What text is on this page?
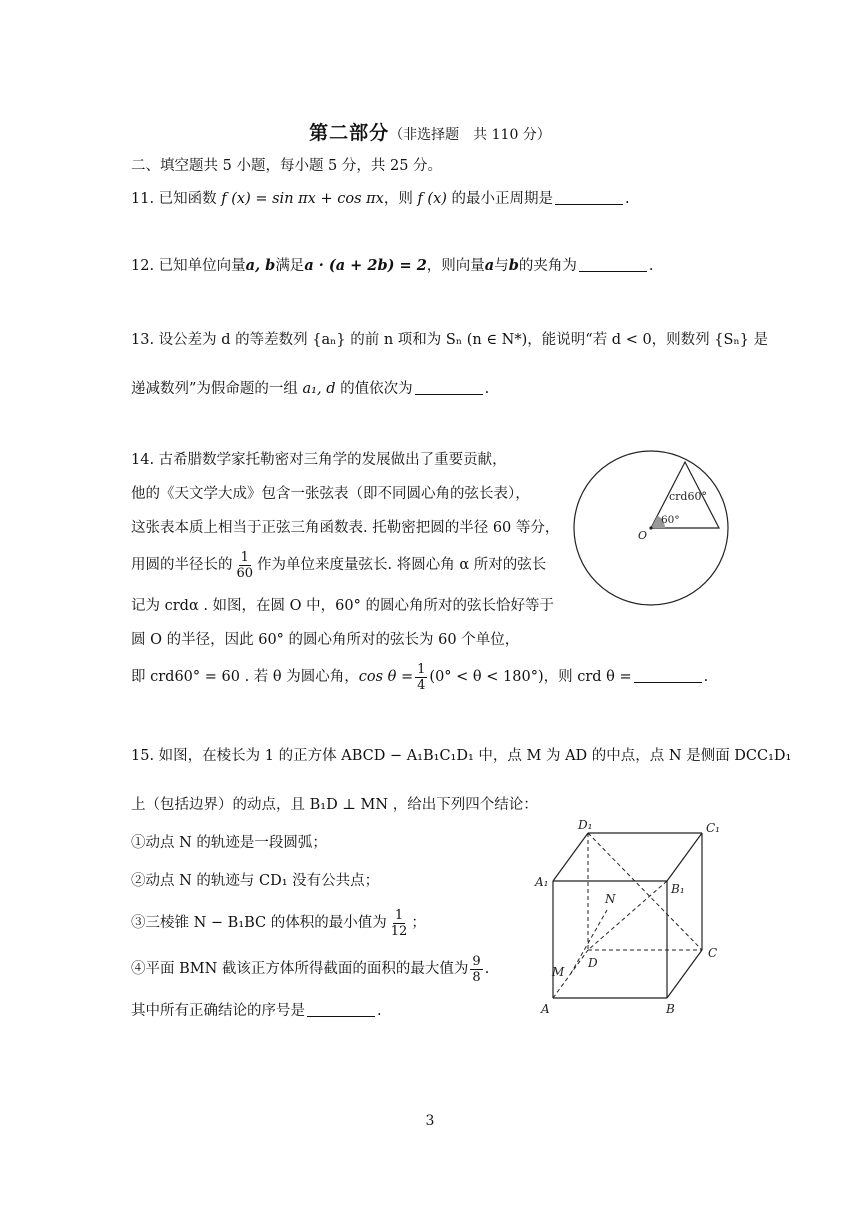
第二部分（非选择题　共 110 分）
二、填空题共 5 小题，每小题 5 分，共 25 分。
11. 已知函数 f (x) = sin πx + cos πx，则 f (x) 的最小正周期是	.
12. 已知单位向量a, b满足a · (a + 2b) = 2，则向量a与b的夹角为	.
13. 设公差为 d 的等差数列 {aₙ} 的前 n 项和为 Sₙ (n ∈ N*)，能说明“若 d < 0，则数列 {Sₙ} 是
递减数列”为假命题的一组 a₁, d 的值依次为	.
14. 古希腊数学家托勒密对三角学的发展做出了重要贡献，
他的《天文学大成》包含一张弦表（即不同圆心角的弦长表），
这张表本质上相当于正弦三角函数表. 托勒密把圆的半径 60 等分，
用圆的半径长的 $\frac{1}{60}$ 作为单位来度量弦长. 将圆心角 α 所对的弦长
记为 crdα . 如图，在圆 O 中，60° 的圆心角所对的弦长恰好等于
圆 O 的半径，因此 60° 的圆心角所对的弦长为 60 个单位，
即 crd60° = 60 . 若 θ 为圆心角，$\cos \theta = \frac{1}{4} (0^\circ < \theta < 180^\circ)$，则 crd θ =	.
crd60°
60°
O
15. 如图，在棱长为 1 的正方体 ABCD − A₁B₁C₁D₁ 中，点 M 为 AD 的中点，点 N 是侧面 DCC₁D₁
上（包括边界）的动点，且 B₁D ⊥ MN ，给出下列四个结论：
①动点 N 的轨迹是一段圆弧；
②动点 N 的轨迹与 CD₁ 没有公共点；
③三棱锥 N − B₁BC 的体积的最小值为 $\frac{1}{12}$ ；
④平面 BMN 截该正方体所得截面的面积的最大值为 $\frac{9}{8}$ .
其中所有正确结论的序号是	.
D₁	C₁
A₁	B₁
N
D
C
M
A	B
3
